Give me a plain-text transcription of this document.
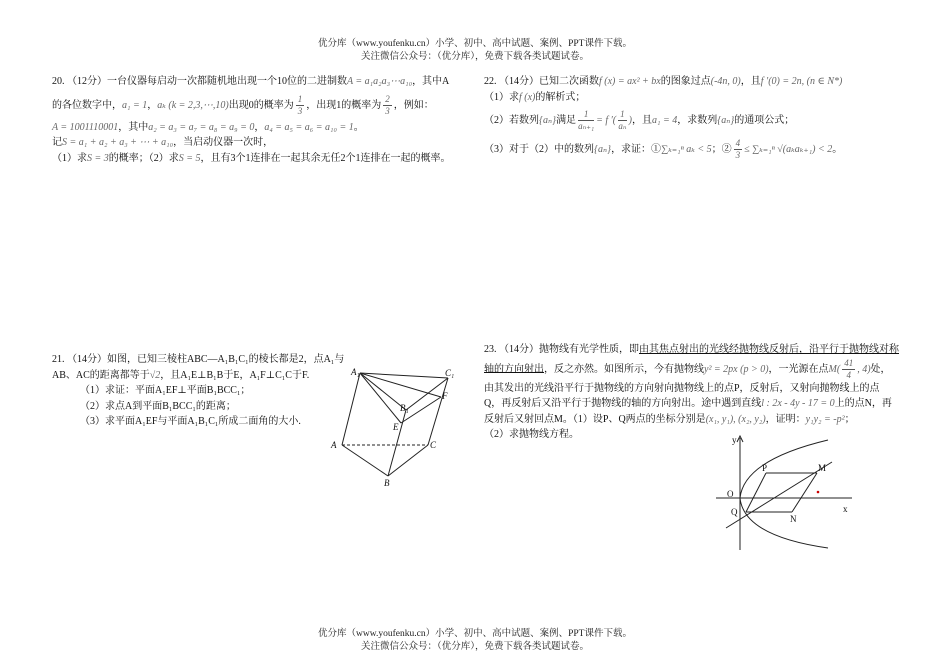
优分库（www.youfenku.cn）小学、初中、高中试题、案例、PPT课件下载。
关注微信公众号：（优分库），免费下载各类试题试卷。

20. （12分）一台仪器每启动一次都随机地出现一个10位的二进制数A = a₁a₂a₃⋯a₁₀，其中A

的各位数字中，a₁ = 1，aₖ (k = 2,3,⋯,10)出现0的概率为 $\frac{1}{3}$ ，出现1的概率为 $\frac{2}{3}$ ，例如：

A = 1001110001，其中a₂ = a₃ = a₇ = a₈ = a₉ = 0，a₄ = a₅ = a₆ = a₁₀ = 1。

记S = a₁ + a₂ + a₃ + ⋯ + a₁₀，当启动仪器一次时，

（1）求S = 3的概率；（2）求S = 5，且有3个1连排在一起其余无任2个1连排在一起的概率。

21. （14分）如图，已知三棱柱ABC—A₁B₁C₁的棱长都是2，点A₁与

AB、AC的距离都等于√2，且A₁E⊥B₁B于E，A₁F⊥C₁C于F.

（1）求证：平面A₁EF⊥平面B₁BCC₁；

（2）求点A到平面B₁BCC₁的距离；

（3）求平面A₁EF与平面A₁B₁C₁所成二面角的大小.

A₁	C₁
B₁
F
E
A	C
B

22. （14分）已知二次函数f (x) = ax² + bx的图象过点(-4n, 0)，且f ′(0) = 2n, (n ∈ N*)

（1）求f (x)的解析式；

（2）若数列{aₙ}满足 $\frac{1}{\text{aₙ₊₁}} = f$ ′( $\frac{1}{\text{aₙ}}$ )，且a₁ = 4，求数列{aₙ}的通项公式；

（3）对于（2）中的数列{aₙ}，求证：①∑ₖ₌₁ⁿ aₖ < 5；② $\frac{4}{3} \le \sum_{k=1}^n$ √(aₖaₖ₊₁) < 2。

23. （14分）抛物线有光学性质，即由其焦点射出的光线经抛物线反射后，沿平行于抛物线对称

轴的方向射出，反之亦然。如图所示，今有抛物线y² = 2px (p > 0)，一光源在点$M( \frac{41}{4}$ , 4)处，

由其发出的光线沿平行于抛物线的方向射向抛物线上的点P，反射后，又射向抛物线上的点

Q，再反射后又沿平行于抛物线的轴的方向射出。途中遇到直线l : 2x - 4y - 17 = 0上的点N，再

反射后又射回点M。（1）设P、Q两点的坐标分别是(x₁, y₁), (x₂, y₂)，证明：y₁y₂ = -p²；

（2）求抛物线方程。	y
x
O
P	M
Q
N
优分库（www.youfenku.cn）小学、初中、高中试题、案例、PPT课件下载。
关注微信公众号：（优分库），免费下载各类试题试卷。
